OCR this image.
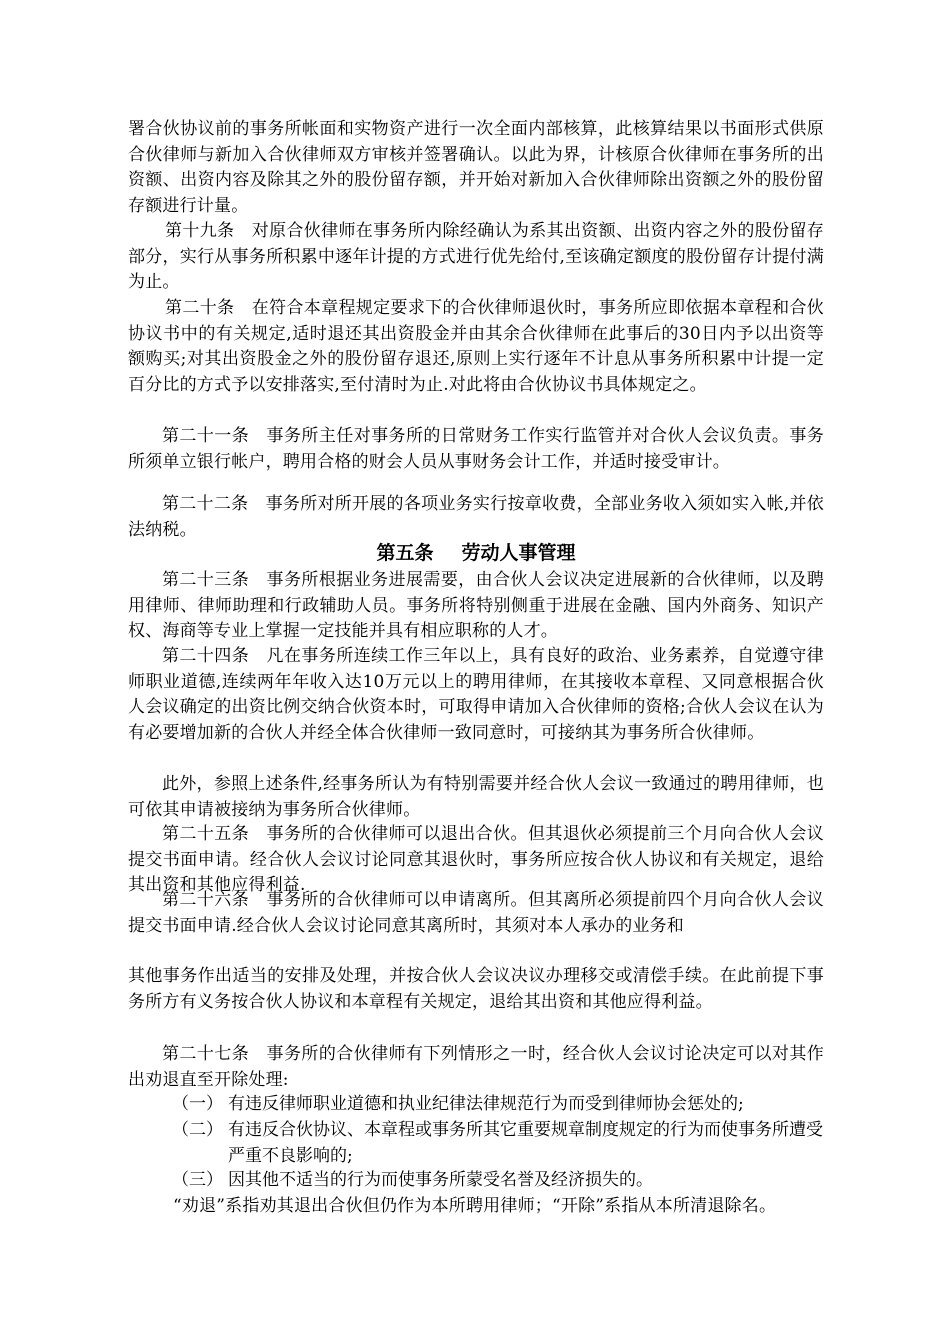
署合伙协议前的事务所帐面和实物资产进行一次全面内部核算，此核算结果以书面形式供原合伙律师与新加入合伙律师双方审核并签署确认。以此为界，计核原合伙律师在事务所的出资额、出资内容及除其之外的股份留存额，并开始对新加入合伙律师除出资额之外的股份留存额进行计量。
第十九条　对原合伙律师在事务所内除经确认为系其出资额、出资内容之外的股份留存部分，实行从事务所积累中逐年计提的方式进行优先给付,至该确定额度的股份留存计提付满为止。
第二十条　在符合本章程规定要求下的合伙律师退伙时，事务所应即依据本章程和合伙协议书中的有关规定,适时退还其出资股金并由其余合伙律师在此事后的30日内予以出资等额购买;对其出资股金之外的股份留存退还,原则上实行逐年不计息从事务所积累中计提一定百分比的方式予以安排落实,至付清时为止.对此将由合伙协议书具体规定之。
第二十一条　事务所主任对事务所的日常财务工作实行监管并对合伙人会议负责。事务所须单立银行帐户，聘用合格的财会人员从事财务会计工作，并适时接受审计。
第二十二条　事务所对所开展的各项业务实行按章收费，全部业务收入须如实入帐,并依法纳税。
第五条 劳动人事管理
第二十三条　事务所根据业务进展需要，由合伙人会议决定进展新的合伙律师，以及聘用律师、律师助理和行政辅助人员。事务所将特别侧重于进展在金融、国内外商务、知识产权、海商等专业上掌握一定技能并具有相应职称的人才。
第二十四条　凡在事务所连续工作三年以上，具有良好的政治、业务素养，自觉遵守律师职业道德,连续两年年收入达10万元以上的聘用律师，在其接收本章程、又同意根据合伙人会议确定的出资比例交纳合伙资本时，可取得申请加入合伙律师的资格;合伙人会议在认为有必要增加新的合伙人并经全体合伙律师一致同意时，可接纳其为事务所合伙律师。
此外，参照上述条件,经事务所认为有特别需要并经合伙人会议一致通过的聘用律师，也可依其申请被接纳为事务所合伙律师。
第二十五条　事务所的合伙律师可以退出合伙。但其退伙必须提前三个月向合伙人会议提交书面申请。经合伙人会议讨论同意其退伙时，事务所应按合伙人协议和有关规定，退给其出资和其他应得利益.
第二十六条　事务所的合伙律师可以申请离所。但其离所必须提前四个月向合伙人会议提交书面申请.经合伙人会议讨论同意其离所时，其须对本人承办的业务和
其他事务作出适当的安排及处理，并按合伙人会议决议办理移交或清偿手续。在此前提下事务所方有义务按合伙人协议和本章程有关规定，退给其出资和其他应得利益。
第二十七条　事务所的合伙律师有下列情形之一时，经合伙人会议讨论决定可以对其作出劝退直至开除处理:
（一） 有违反律师职业道德和执业纪律法律规范行为而受到律师协会惩处的;
（二） 有违反合伙协议、本章程或事务所其它重要规章制度规定的行为而使事务所遭受严重不良影响的;
（三） 因其他不适当的行为而使事务所蒙受名誉及经济损失的。
“劝退”系指劝其退出合伙但仍作为本所聘用律师；“开除”系指从本所清退除名。
